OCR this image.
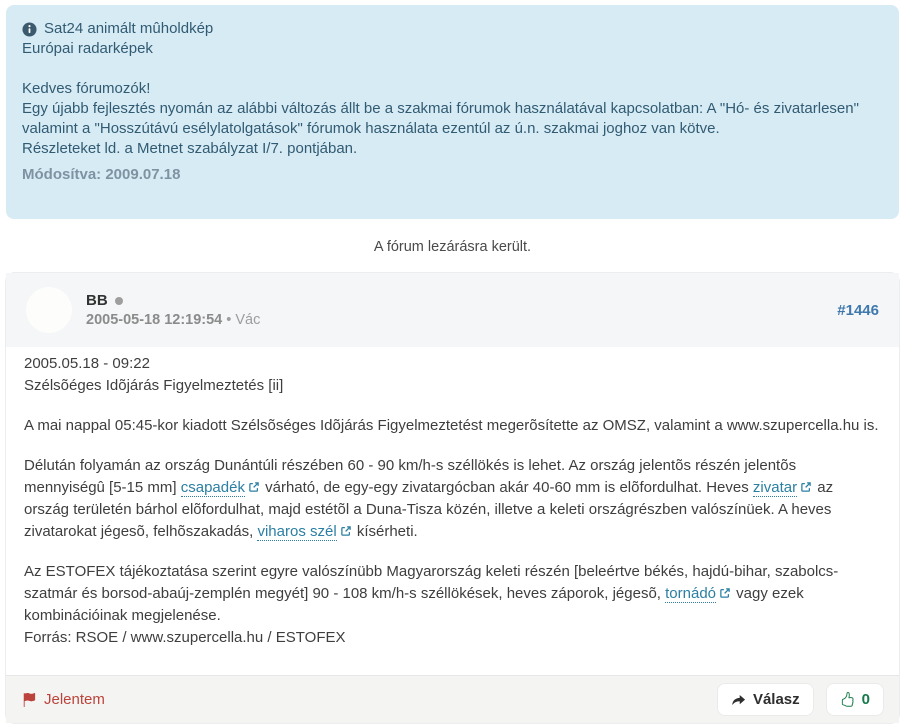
Sat24 animált mûholdkép
Európai radarképek
Kedves fórumozók!
Egy újabb fejlesztés nyomán az alábbi változás állt be a szakmai fórumok használatával kapcsolatban: A "Hó- és zivatarlesen" valamint a "Hosszútávú esélylatolgatások" fórumok használata ezentúl az ú.n. szakmai joghoz van kötve.
Részleteket ld. a Metnet szabályzat I/7. pontjában.
Módosítva: 2009.07.18
A fórum lezárásra került.
BB
2005-05-18 12:19:54 • Vác
#1446

2005.05.18 - 09:22
Szélsõéges Idõjárás Figyelmeztetés [ii]

A mai nappal 05:45-kor kiadott Szélsõséges Idõjárás Figyelmeztetést megerõsítette az OMSZ, valamint a www.szupercella.hu is.

Délután folyamán az ország Dunántúli részében 60 - 90 km/h-s széllökés is lehet. Az ország jelentõs részén jelentõs mennyiségû [5-15 mm] csapadék várható, de egy-egy zivatargócban akár 40-60 mm is elõfordulhat. Heves zivatar az ország területén bárhol elõfordulhat, majd estétõl a Duna-Tisza közén, illetve a keleti országrészben valószínüek. A heves zivatarokat jégesõ, felhõszakadás, viharos szél kísérheti.

Az ESTOFEX tájékoztatása szerint egyre valószínübb Magyarország keleti részén [beleértve békés, hajdú-bihar, szabolcs-szatmár és borsod-abaúj-zemplén megyét] 90 - 108 km/h-s széllökések, heves záporok, jégesõ, tornádó vagy ezek kombinációinak megjelenése.
Forrás: RSOE / www.szupercella.hu / ESTOFEX

Jelentem	Válasz	0
